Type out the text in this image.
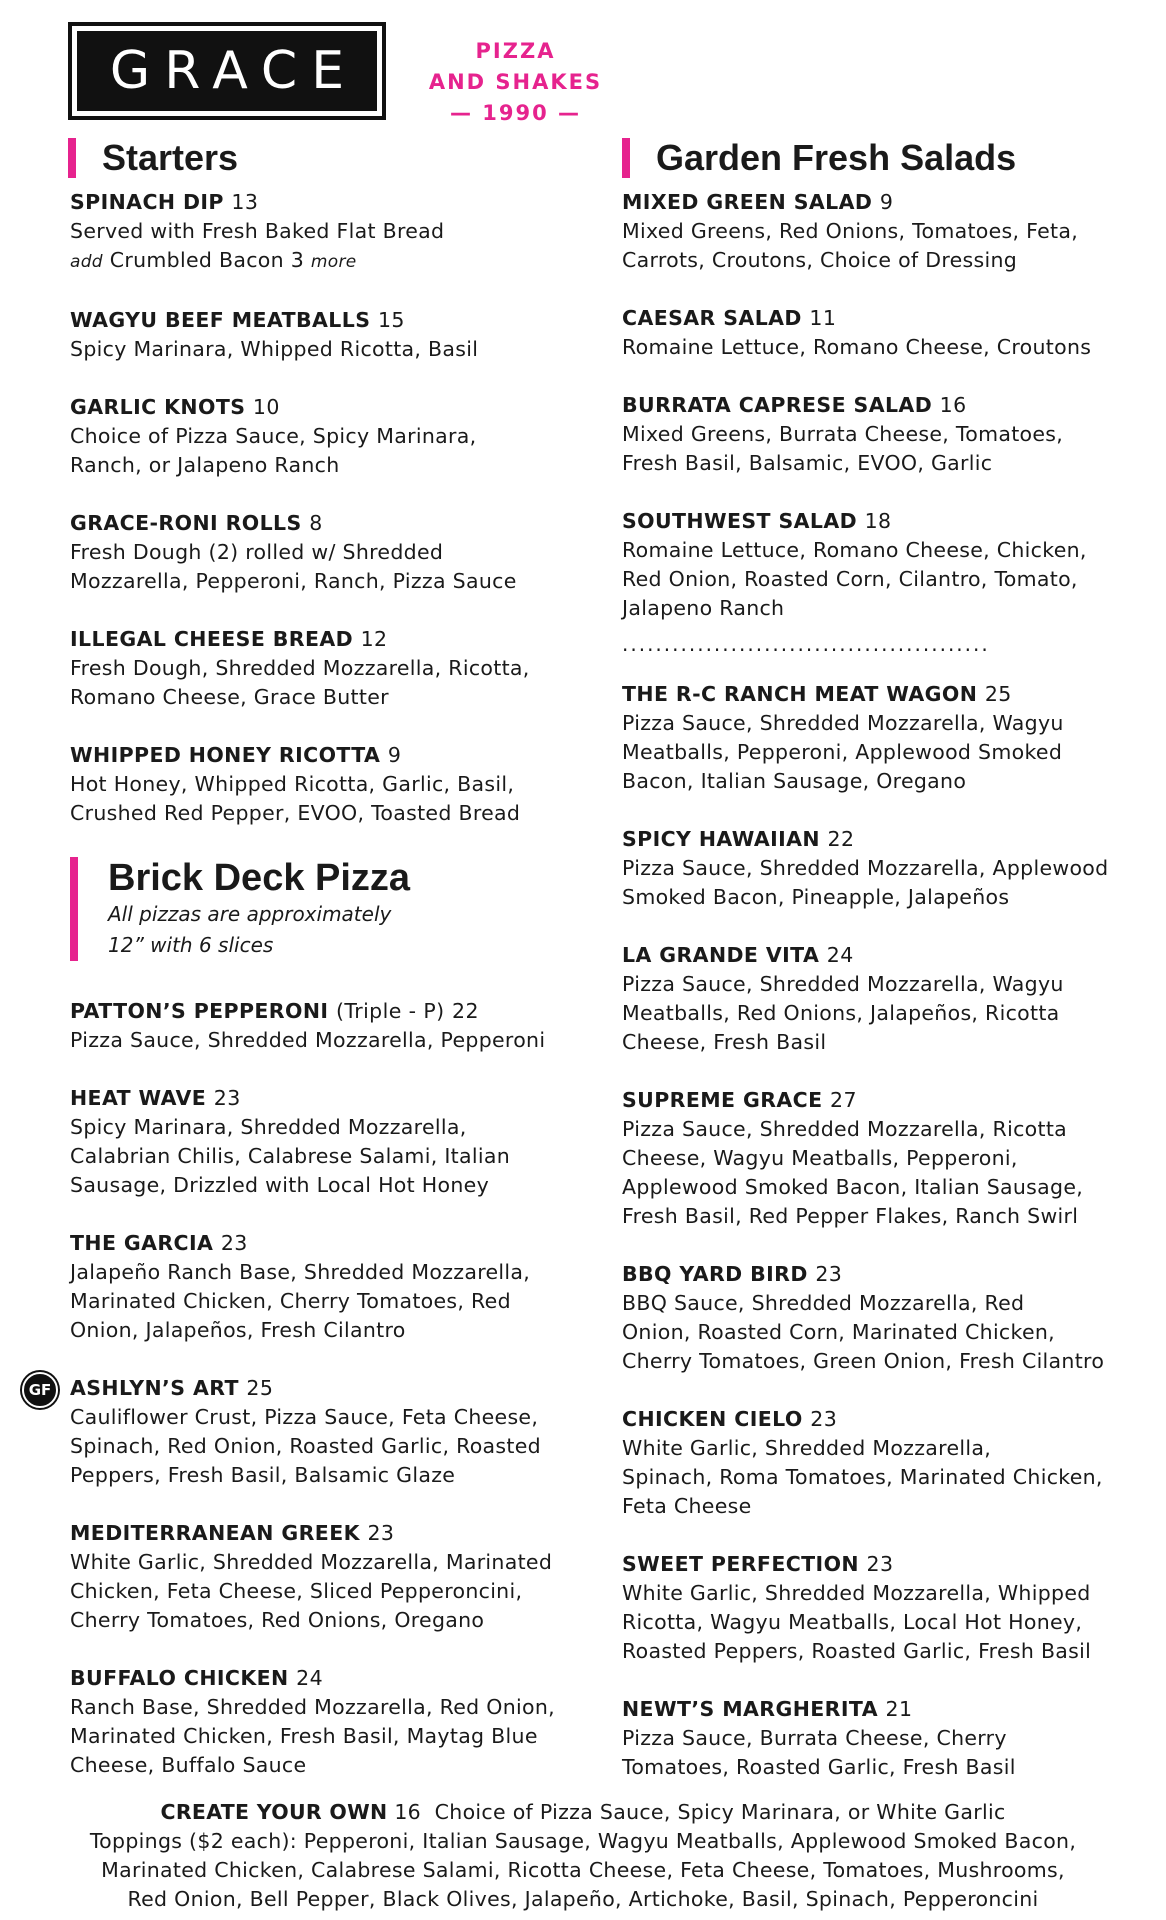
GRACE	PIZZA
AND SHAKES
— 1990 —
Starters
SPINACH DIP 13
Served with Fresh Baked Flat Bread
add Crumbled Bacon 3 more
WAGYU BEEF MEATBALLS 15
Spicy Marinara, Whipped Ricotta, Basil
GARLIC KNOTS 10
Choice of Pizza Sauce, Spicy Marinara,
Ranch, or Jalapeno Ranch
GRACE-RONI ROLLS 8
Fresh Dough (2) rolled w/ Shredded
Mozzarella, Pepperoni, Ranch, Pizza Sauce
ILLEGAL CHEESE BREAD 12
Fresh Dough, Shredded Mozzarella, Ricotta,
Romano Cheese, Grace Butter
WHIPPED HONEY RICOTTA 9
Hot Honey, Whipped Ricotta, Garlic, Basil,
Crushed Red Pepper, EVOO, Toasted Bread
Brick Deck Pizza
All pizzas are approximately
12” with 6 slices
PATTON’S PEPPERONI (Triple - P) 22
Pizza Sauce, Shredded Mozzarella, Pepperoni
HEAT WAVE 23
Spicy Marinara, Shredded Mozzarella,
Calabrian Chilis, Calabrese Salami, Italian
Sausage, Drizzled with Local Hot Honey
THE GARCIA 23
Jalapeño Ranch Base, Shredded Mozzarella,
Marinated Chicken, Cherry Tomatoes, Red
Onion, Jalapeños, Fresh Cilantro
GF ASHLYN’S ART 25
Cauliflower Crust, Pizza Sauce, Feta Cheese,
Spinach, Red Onion, Roasted Garlic, Roasted
Peppers, Fresh Basil, Balsamic Glaze
MEDITERRANEAN GREEK 23
White Garlic, Shredded Mozzarella, Marinated
Chicken, Feta Cheese, Sliced Pepperoncini,
Cherry Tomatoes, Red Onions, Oregano
BUFFALO CHICKEN 24
Ranch Base, Shredded Mozzarella, Red Onion,
Marinated Chicken, Fresh Basil, Maytag Blue
Cheese, Buffalo Sauce
Garden Fresh Salads
MIXED GREEN SALAD 9
Mixed Greens, Red Onions, Tomatoes, Feta,
Carrots, Croutons, Choice of Dressing
CAESAR SALAD 11
Romaine Lettuce, Romano Cheese, Croutons
BURRATA CAPRESE SALAD 16
Mixed Greens, Burrata Cheese, Tomatoes,
Fresh Basil, Balsamic, EVOO, Garlic
SOUTHWEST SALAD 18
Romaine Lettuce, Romano Cheese, Chicken,
Red Onion, Roasted Corn, Cilantro, Tomato,
Jalapeno Ranch
............................................
THE R-C RANCH MEAT WAGON 25
Pizza Sauce, Shredded Mozzarella, Wagyu
Meatballs, Pepperoni, Applewood Smoked
Bacon, Italian Sausage, Oregano
SPICY HAWAIIAN 22
Pizza Sauce, Shredded Mozzarella, Applewood
Smoked Bacon, Pineapple, Jalapeños
LA GRANDE VITA 24
Pizza Sauce, Shredded Mozzarella, Wagyu
Meatballs, Red Onions, Jalapeños, Ricotta
Cheese, Fresh Basil
SUPREME GRACE 27
Pizza Sauce, Shredded Mozzarella, Ricotta
Cheese, Wagyu Meatballs, Pepperoni,
Applewood Smoked Bacon, Italian Sausage,
Fresh Basil, Red Pepper Flakes, Ranch Swirl
BBQ YARD BIRD 23
BBQ Sauce, Shredded Mozzarella, Red
Onion, Roasted Corn, Marinated Chicken,
Cherry Tomatoes, Green Onion, Fresh Cilantro
CHICKEN CIELO 23
White Garlic, Shredded Mozzarella,
Spinach, Roma Tomatoes, Marinated Chicken,
Feta Cheese
SWEET PERFECTION 23
White Garlic, Shredded Mozzarella, Whipped
Ricotta, Wagyu Meatballs, Local Hot Honey,
Roasted Peppers, Roasted Garlic, Fresh Basil
NEWT’S MARGHERITA 21
Pizza Sauce, Burrata Cheese, Cherry
Tomatoes, Roasted Garlic, Fresh Basil
CREATE YOUR OWN 16 Choice of Pizza Sauce, Spicy Marinara, or White Garlic
Toppings ($2 each): Pepperoni, Italian Sausage, Wagyu Meatballs, Applewood Smoked Bacon,
Marinated Chicken, Calabrese Salami, Ricotta Cheese, Feta Cheese, Tomatoes, Mushrooms,
Red Onion, Bell Pepper, Black Olives, Jalapeño, Artichoke, Basil, Spinach, Pepperoncini
